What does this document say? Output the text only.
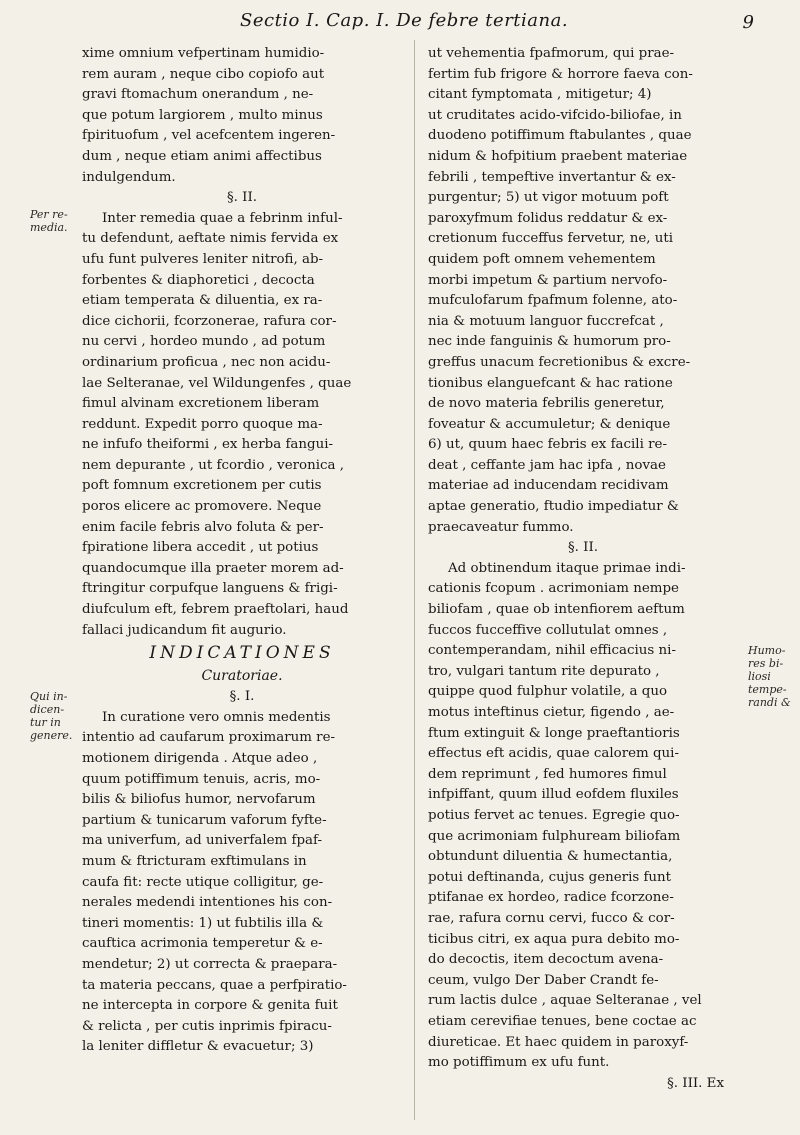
Sectio I. Cap. I. De febre tertiana.	9
Per re-
media.
Qui in-
dicen-
tur in
genere.
Humo-
res bi-
liosi
tempe-
randi &
xime omnium vefpertinam humidio-
rem auram , neque cibo copiofo aut
gravi ftomachum onerandum , ne-
que potum largiorem , multo minus
fpirituofum , vel acefcentem ingeren-
dum , neque etiam animi affectibus
indulgendum.
§. II.
Inter remedia quae a febrinm inful-
tu defendunt, aeftate nimis fervida ex
ufu funt pulveres leniter nitrofi, ab-
forbentes & diaphoretici , decocta
etiam temperata & diluentia, ex ra-
dice cichorii, fcorzonerae, rafura cor-
nu cervi , hordeo mundo , ad potum
ordinarium proficua , nec non acidu-
lae Selteranae, vel Wildungenfes , quae
fimul alvinam excretionem liberam
reddunt. Expedit porro quoque ma-
ne infufo theiformi , ex herba fangui-
nem depurante , ut fcordio , veronica ,
poft fomnum excretionem per cutis
poros elicere ac promovere. Neque
enim facile febris alvo foluta & per-
fpiratione libera accedit , ut potius
quandocumque illa praeter morem ad-
ftringitur corpufque languens & frigi-
diufculum eft, febrem praeftolari, haud
fallaci judicandum fit augurio.
INDICATIONES
Curatoriae.
§. I.
In curatione vero omnis medentis
intentio ad caufarum proximarum re-
motionem dirigenda . Atque adeo ,
quum potiffimum tenuis, acris, mo-
bilis & biliofus humor, nervofarum
partium & tunicarum vaforum fyfte-
ma univerfum, ad univerfalem fpaf-
mum & ftricturam exftimulans in
caufa fit: recte utique colligitur, ge-
nerales medendi intentiones his con-
tineri momentis: 1) ut fubtilis illa &
cauftica acrimonia temperetur & e-
mendetur; 2) ut correcta & praepara-
ta materia peccans, quae a perfpiratio-
ne intercepta in corpore & genita fuit
& relicta , per cutis inprimis fpiracu-
la leniter diffletur & evacuetur; 3)
ut vehementia fpafmorum, qui prae-
fertim fub frigore & horrore faeva con-
citant fymptomata , mitigetur; 4)
ut cruditates acido-vifcido-biliofae, in
duodeno potiffimum ftabulantes , quae
nidum & hofpitium praebent materiae
febrili , tempeftive invertantur & ex-
purgentur; 5) ut vigor motuum poft
paroxyfmum folidus reddatur & ex-
cretionum fucceffus fervetur, ne, uti
quidem poft omnem vehementem
morbi impetum & partium nervofo-
mufculofarum fpafmum folenne, ato-
nia & motuum languor fuccrefcat ,
nec inde fanguinis & humorum pro-
greffus unacum fecretionibus & excre-
tionibus elanguefcant & hac ratione
de novo materia febrilis generetur,
foveatur & accumuletur; & denique
6) ut, quum haec febris ex facili re-
deat , ceffante jam hac ipfa , novae
materiae ad inducendam recidivam
aptae generatio, ftudio impediatur &
praecaveatur fummo.
§. II.
Ad obtinendum itaque primae indi-
cationis fcopum . acrimoniam nempe
biliofam , quae ob intenfiorem aeftum
fuccos fucceffive collutulat omnes ,
contemperandam, nihil efficacius ni-
tro, vulgari tantum rite depurato ,
quippe quod fulphur volatile, a quo
motus inteftinus cietur, figendo , ae-
ftum extinguit & longe praeftantioris
effectus eft acidis, quae calorem qui-
dem reprimunt , fed humores fimul
infpiffant, quum illud eofdem fluxiles
potius fervet ac tenues. Egregie quo-
que acrimoniam fulphuream biliofam
obtundunt diluentia & humectantia,
potui deftinanda, cujus generis funt
ptifanae ex hordeo, radice fcorzone-
rae, rafura cornu cervi, fucco & cor-
ticibus citri, ex aqua pura debito mo-
do decoctis, item decoctum avena-
ceum, vulgo Der Daber Crandt fe-
rum lactis dulce , aquae Selteranae , vel
etiam cerevifiae tenues, bene coctae ac
diureticae. Et haec quidem in paroxyf-
mo potiffimum ex ufu funt.
§. III. Ex
